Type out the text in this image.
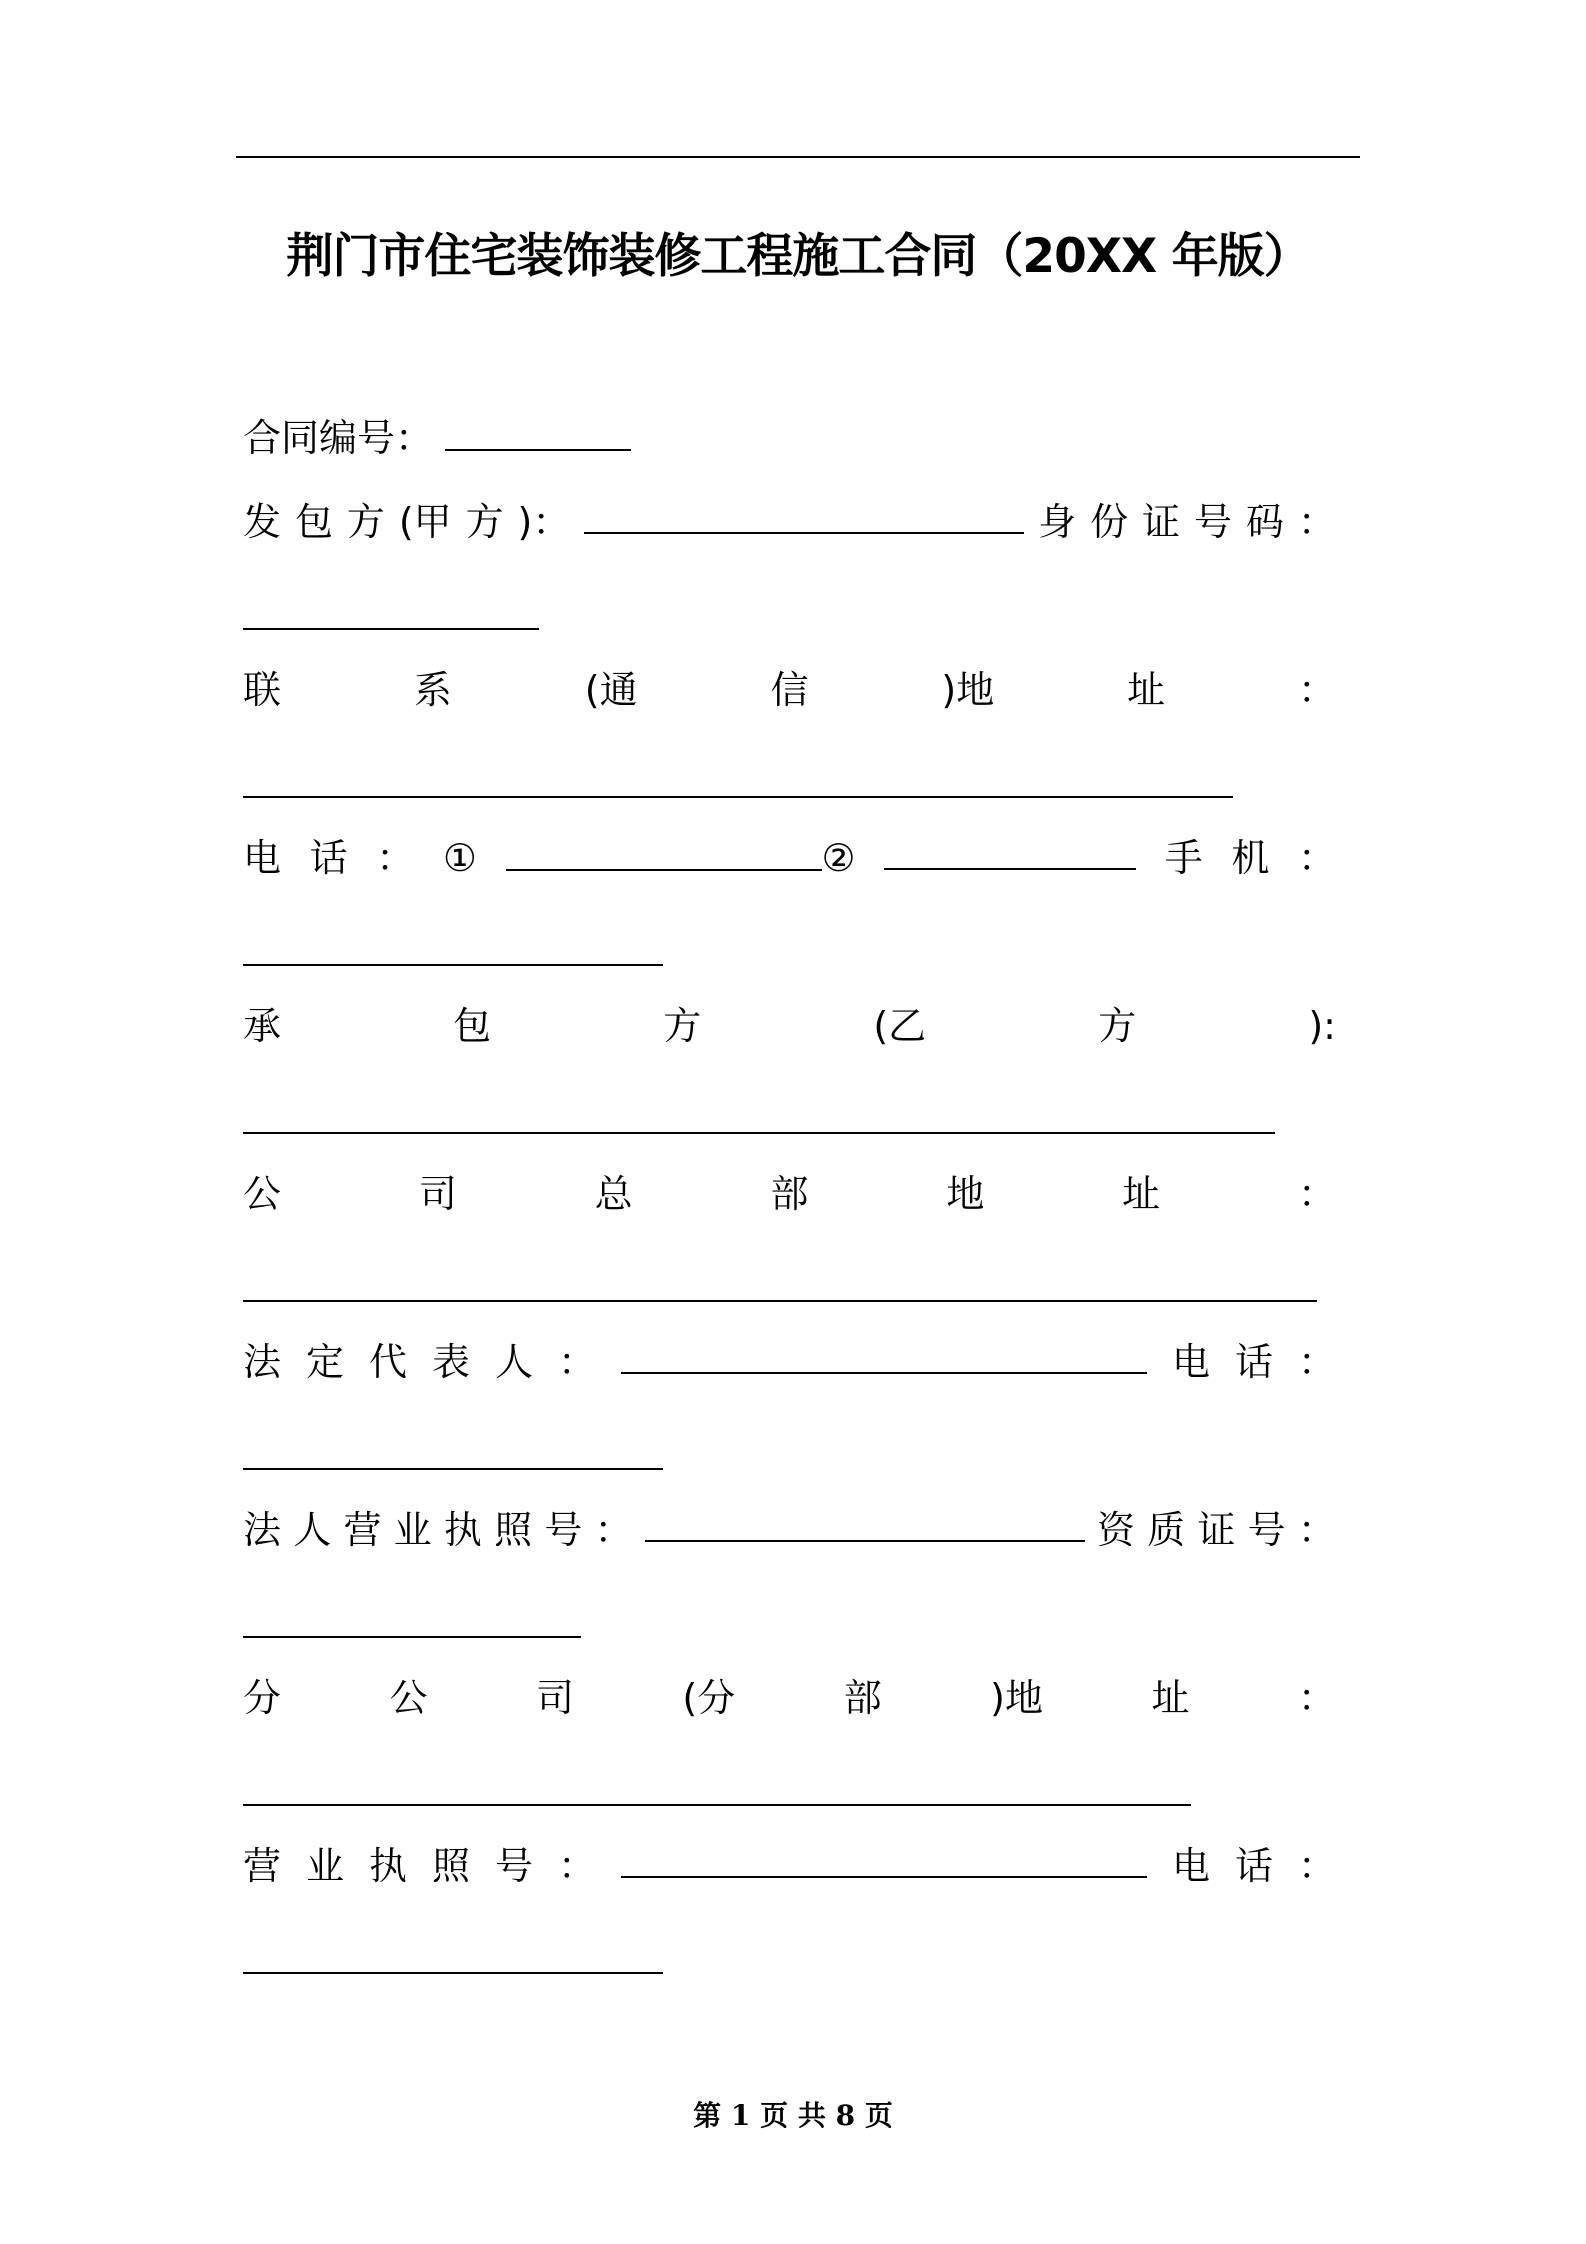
荆门市住宅装饰装修工程施工合同（20XX 年版）
合同编号：
发 包 方 (甲 方 )：	身 份 证 号 码 ：
联	系	(通	信	)地	址	：
电 话 ： ①	②	手 机 ：
承	包	方	(乙	方	):
公	司	总	部	地	址	：
法 定 代 表 人 ：	电 话 ：
法 人 营 业 执 照 号 ：	资 质 证 号 ：
分	公	司	(分	部	)地	址	：
营 业 执 照 号 ：	电 话 ：
第 1 页 共 8 页
